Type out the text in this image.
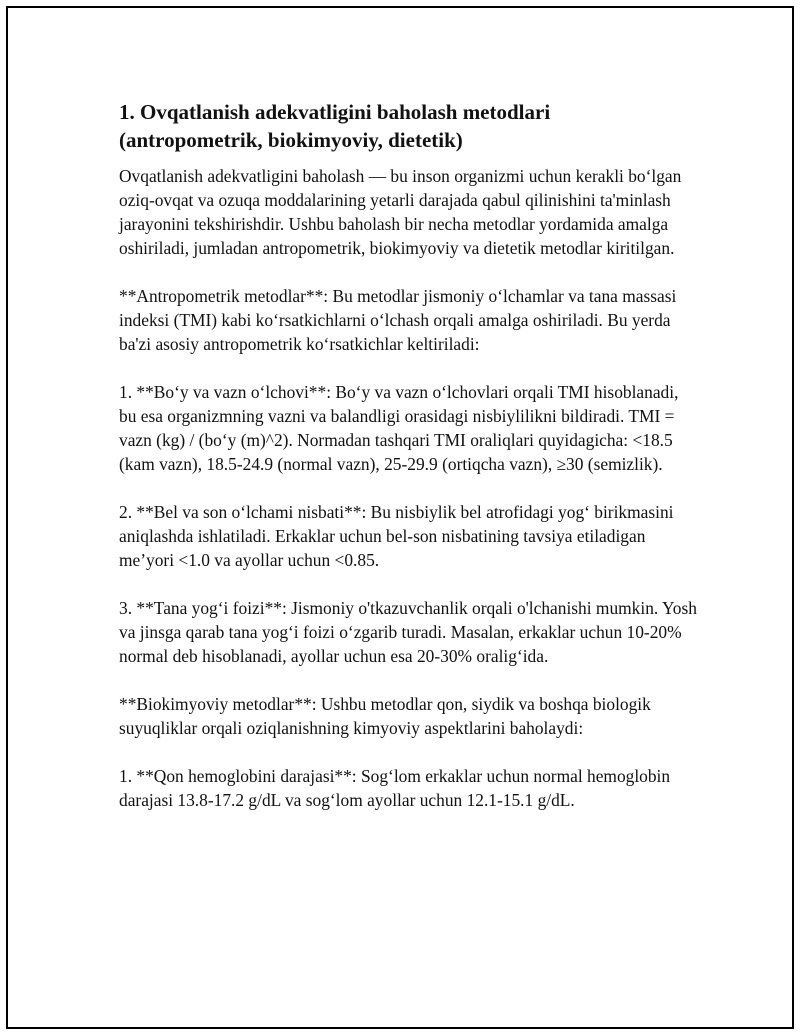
1. Ovqatlanish adekvatligini baholash metodlari (antropometrik, biokimyoviy, dietetik)

Ovqatlanish adekvatligini baholash — bu inson organizmi uchun kerakli bo‘lgan oziq-ovqat va ozuqa moddalarining yetarli darajada qabul qilinishini ta'minlash jarayonini tekshirishdir. Ushbu baholash bir necha metodlar yordamida amalga oshiriladi, jumladan antropometrik, biokimyoviy va dietetik metodlar kiritilgan.

**Antropometrik metodlar**: Bu metodlar jismoniy o‘lchamlar va tana massasi indeksi (TMI) kabi ko‘rsatkichlarni o‘lchash orqali amalga oshiriladi. Bu yerda ba'zi asosiy antropometrik ko‘rsatkichlar keltiriladi:

1. **Bo‘y va vazn o‘lchovi**: Bo‘y va vazn o‘lchovlari orqali TMI hisoblanadi, bu esa organizmning vazni va balandligi orasidagi nisbiylilikni bildiradi. TMI = vazn (kg) / (bo‘y (m)^2). Normadan tashqari TMI oraliqlari quyidagicha: <18.5 (kam vazn), 18.5-24.9 (normal vazn), 25-29.9 (ortiqcha vazn), ≥30 (semizlik).

2. **Bel va son o‘lchami nisbati**: Bu nisbiylik bel atrofidagi yog‘ birikmasini aniqlashda ishlatiladi. Erkaklar uchun bel-son nisbatining tavsiya etiladigan me’yori <1.0 va ayollar uchun <0.85.

3. **Tana yog‘i foizi**: Jismoniy o'tkazuvchanlik orqali o'lchanishi mumkin. Yosh va jinsga qarab tana yog‘i foizi o‘zgarib turadi. Masalan, erkaklar uchun 10-20% normal deb hisoblanadi, ayollar uchun esa 20-30% oralig‘ida.

**Biokimyoviy metodlar**: Ushbu metodlar qon, siydik va boshqa biologik suyuqliklar orqali oziqlanishning kimyoviy aspektlarini baholaydi:

1. **Qon hemoglobini darajasi**: Sog‘lom erkaklar uchun normal hemoglobin darajasi 13.8-17.2 g/dL va sog‘lom ayollar uchun 12.1-15.1 g/dL.
